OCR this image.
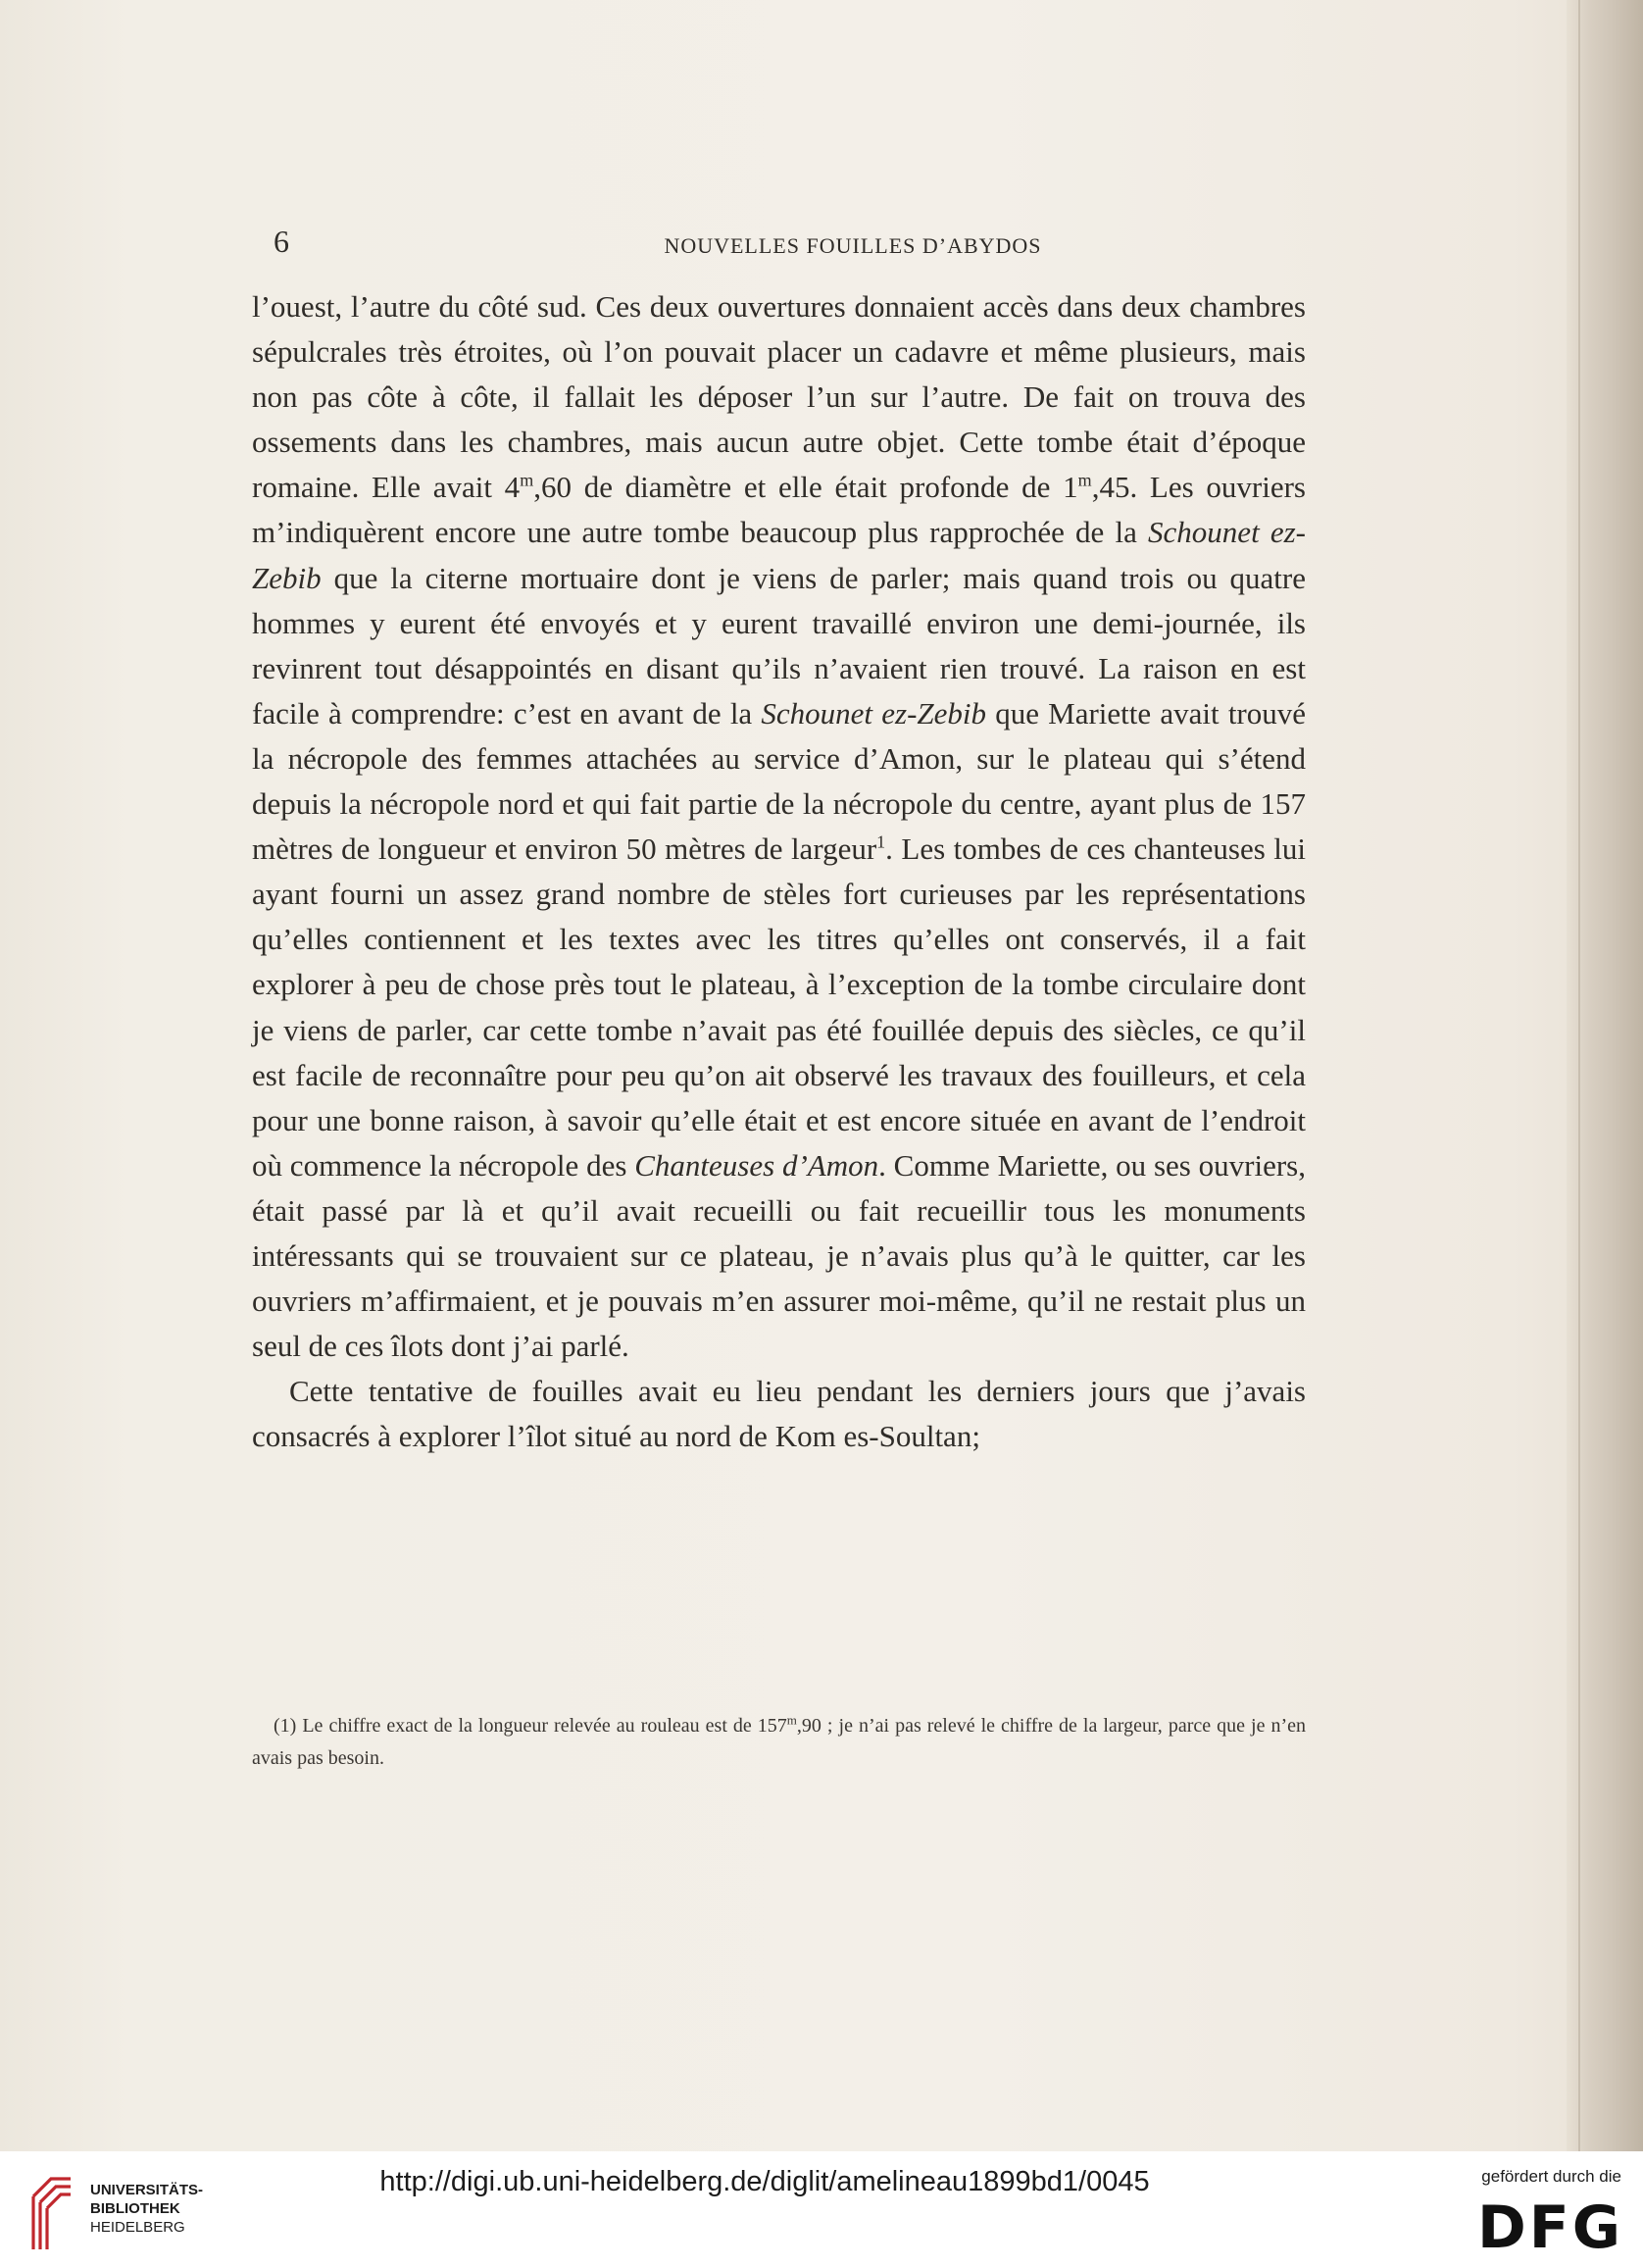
6	NOUVELLES FOUILLES D’ABYDOS

l’ouest, l’autre du côté sud. Ces deux ouvertures donnaient accès dans deux chambres sépulcrales très étroites, où l’on pouvait placer un cadavre et même plusieurs, mais non pas côte à côte, il fallait les déposer l’un sur l’autre. De fait on trouva des ossements dans les chambres, mais aucun autre objet. Cette tombe était d’époque romaine. Elle avait 4$^m$,60 de diamètre et elle était profonde de 1$^m$,45. Les ouvriers m’indiquèrent encore une autre tombe beaucoup plus rapprochée de la Schounet ez-Zebib que la citerne mortuaire dont je viens de parler; mais quand trois ou quatre hommes y eurent été envoyés et y eurent travaillé environ une demi-journée, ils revinrent tout désappointés en disant qu’ils n’avaient rien trouvé. La raison en est facile à comprendre: c’est en avant de la Schounet ez-Zebib que Mariette avait trouvé la nécropole des femmes attachées au service d’Amon, sur le plateau qui s’étend depuis la nécropole nord et qui fait partie de la nécropole du centre, ayant plus de 157 mètres de longueur et environ 50 mètres de largeur$^1$. Les tombes de ces chanteuses lui ayant fourni un assez grand nombre de stèles fort curieuses par les représentations qu’elles contiennent et les textes avec les titres qu’elles ont conservés, il a fait explorer à peu de chose près tout le plateau, à l’exception de la tombe circulaire dont je viens de parler, car cette tombe n’avait pas été fouillée depuis des siècles, ce qu’il est facile de reconnaître pour peu qu’on ait observé les travaux des fouilleurs, et cela pour une bonne raison, à savoir qu’elle était et est encore située en avant de l’endroit où commence la nécropole des Chanteuses d’Amon. Comme Mariette, ou ses ouvriers, était passé par là et qu’il avait recueilli ou fait recueillir tous les monuments intéressants qui se trouvaient sur ce plateau, je n’avais plus qu’à le quitter, car les ouvriers m’affirmaient, et je pouvais m’en assurer moi-même, qu’il ne restait plus un seul de ces îlots dont j’ai parlé.

Cette tentative de fouilles avait eu lieu pendant les derniers jours que j’avais consacrés à explorer l’îlot situé au nord de Kom es-Soultan;

(1) Le chiffre exact de la longueur relevée au rouleau est de 157$^m$,90 ; je n’ai pas relevé le chiffre de la largeur, parce que je n’en avais pas besoin.
UNIVERSITÄTS-
BIBLIOTHEK
HEIDELBERG
http://digi.ub.uni-heidelberg.de/diglit/amelineau1899bd1/0045	gefördert durch die
DFG
